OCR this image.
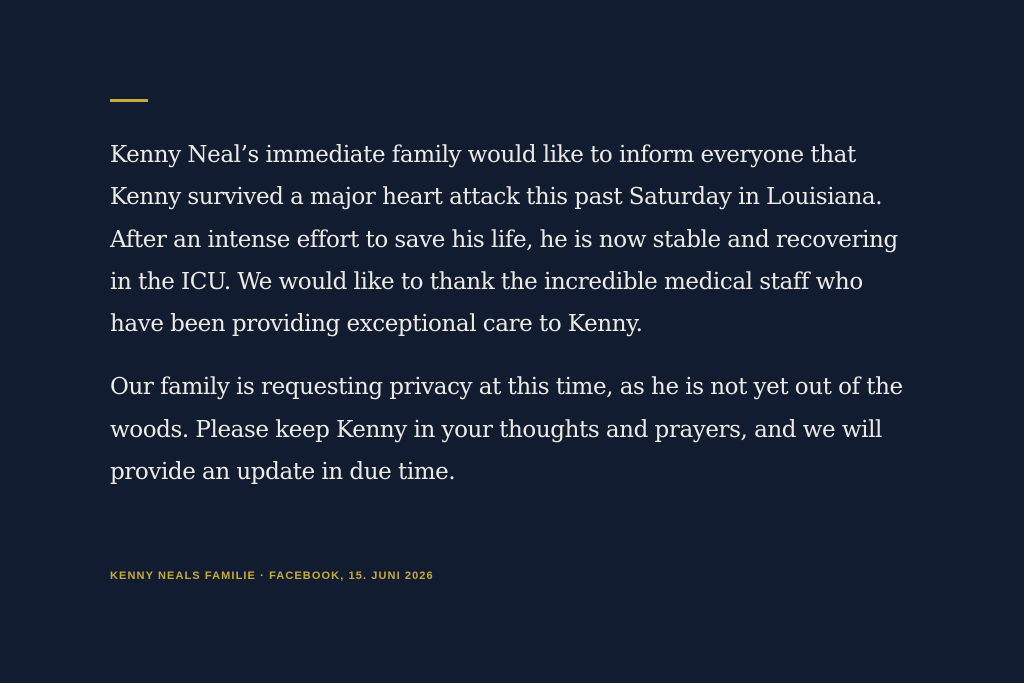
Kenny Neal’s immediate family would like to inform everyone that Kenny survived a major heart attack this past Saturday in Louisiana. After an intense effort to save his life, he is now stable and recovering in the ICU. We would like to thank the incredible medical staff who have been providing exceptional care to Kenny.

Our family is requesting privacy at this time, as he is not yet out of the woods. Please keep Kenny in your thoughts and prayers, and we will provide an update in due time.

KENNY NEALS FAMILIE · FACEBOOK, 15. JUNI 2026
